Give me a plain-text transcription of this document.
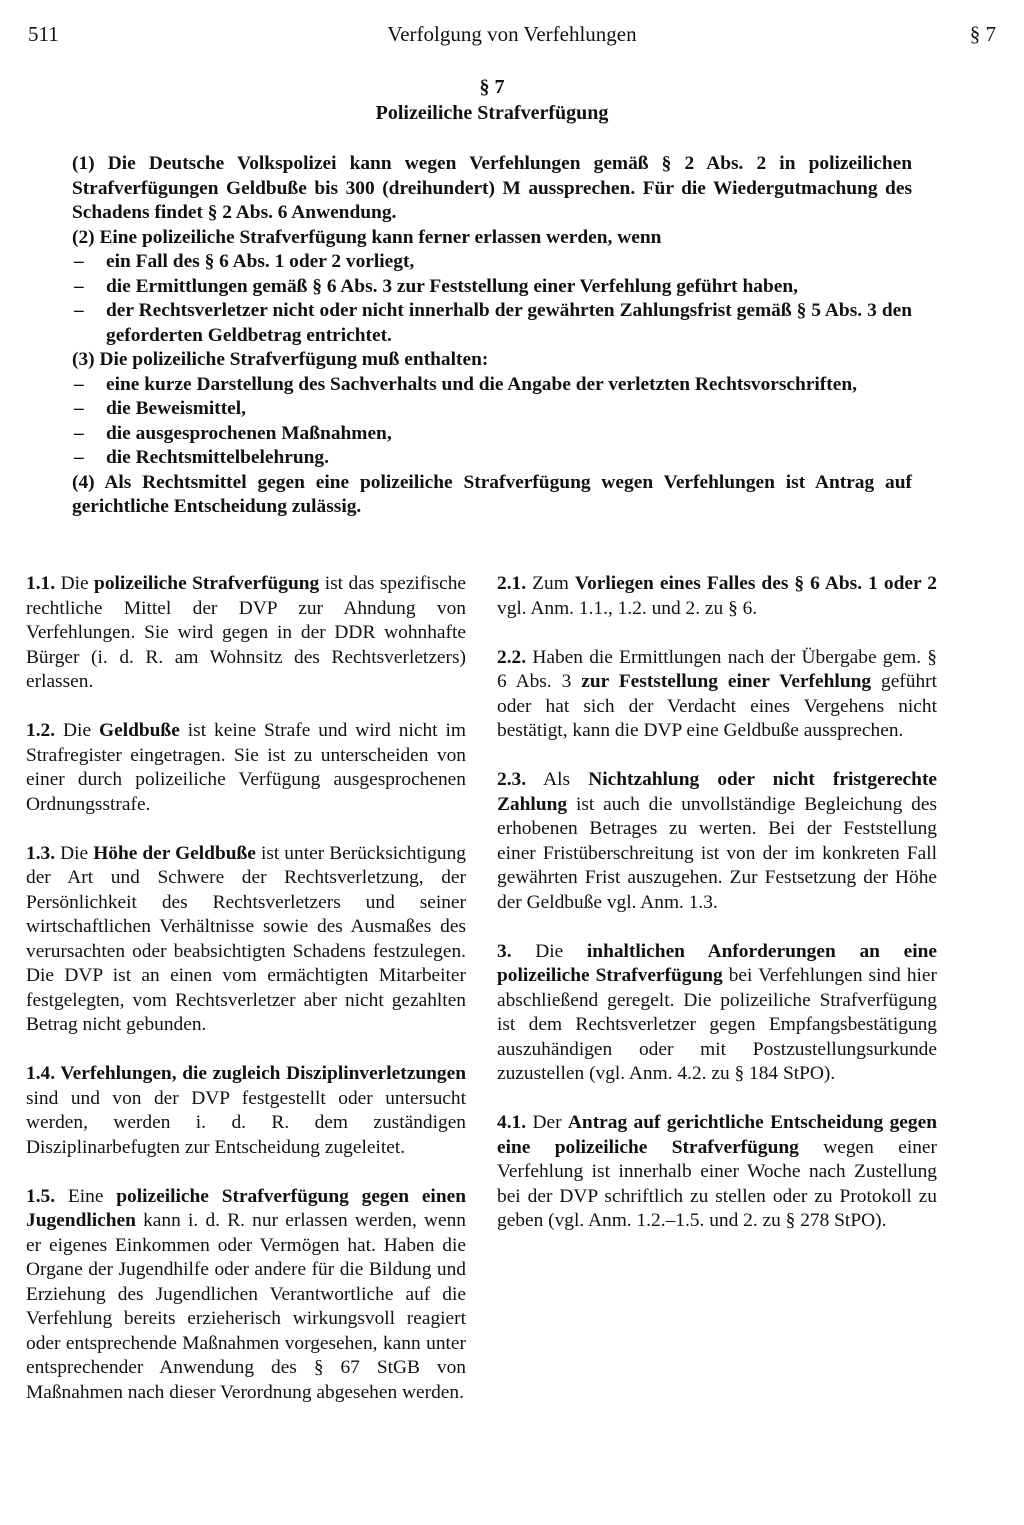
511	Verfolgung von Verfehlungen	§ 7
§ 7
Polizeiliche Strafverfügung

(1) Die Deutsche Volkspolizei kann wegen Verfehlungen gemäß § 2 Abs. 2 in polizeilichen Strafverfügungen Geldbuße bis 300 (dreihundert) M aussprechen. Für die Wiedergutmachung des Schadens findet § 2 Abs. 6 Anwendung.

(2) Eine polizeiliche Strafverfügung kann ferner erlassen werden, wenn

– ein Fall des § 6 Abs. 1 oder 2 vorliegt,

– die Ermittlungen gemäß § 6 Abs. 3 zur Feststellung einer Verfehlung geführt haben,

– der Rechtsverletzer nicht oder nicht innerhalb der gewährten Zahlungsfrist gemäß § 5 Abs. 3 den geforderten Geldbetrag entrichtet.

(3) Die polizeiliche Strafverfügung muß enthalten:

– eine kurze Darstellung des Sachverhalts und die Angabe der verletzten Rechtsvorschriften,

– die Beweismittel,

– die ausgesprochenen Maßnahmen,

– die Rechtsmittelbelehrung.

(4) Als Rechtsmittel gegen eine polizeiliche Strafverfügung wegen Verfehlungen ist Antrag auf gerichtliche Entscheidung zulässig.

1.1. Die polizeiliche Strafverfügung ist das spezifische rechtliche Mittel der DVP zur Ahndung von Verfehlungen. Sie wird gegen in der DDR wohnhafte Bürger (i. d. R. am Wohnsitz des Rechtsverletzers) erlassen.

1.2. Die Geldbuße ist keine Strafe und wird nicht im Strafregister eingetragen. Sie ist zu unterscheiden von einer durch polizeiliche Verfügung ausgesprochenen Ordnungsstrafe.

1.3. Die Höhe der Geldbuße ist unter Berücksichtigung der Art und Schwere der Rechtsverletzung, der Persönlichkeit des Rechtsverletzers und seiner wirtschaftlichen Verhältnisse sowie des Ausmaßes des verursachten oder beabsichtigten Schadens festzulegen. Die DVP ist an einen vom ermächtigten Mitarbeiter festgelegten, vom Rechtsverletzer aber nicht gezahlten Betrag nicht gebunden.

1.4. Verfehlungen, die zugleich Disziplinverletzungen sind und von der DVP festgestellt oder untersucht werden, werden i. d. R. dem zuständigen Disziplinarbefugten zur Entscheidung zugeleitet.

1.5. Eine polizeiliche Strafverfügung gegen einen Jugendlichen kann i. d. R. nur erlassen werden, wenn er eigenes Einkommen oder Vermögen hat. Haben die Organe der Jugendhilfe oder andere für die Bildung und Erziehung des Jugendlichen Verantwortliche auf die Verfehlung bereits erzieherisch wirkungsvoll reagiert oder entsprechende Maßnahmen vorgesehen, kann unter entsprechender Anwendung des § 67 StGB von Maßnahmen nach dieser Verordnung abgesehen werden.

2.1. Zum Vorliegen eines Falles des § 6 Abs. 1 oder 2 vgl. Anm. 1.1., 1.2. und 2. zu § 6.

2.2. Haben die Ermittlungen nach der Übergabe gem. § 6 Abs. 3 zur Feststellung einer Verfehlung geführt oder hat sich der Verdacht eines Vergehens nicht bestätigt, kann die DVP eine Geldbuße aussprechen.

2.3. Als Nichtzahlung oder nicht fristgerechte Zahlung ist auch die unvollständige Begleichung des erhobenen Betrages zu werten. Bei der Feststellung einer Fristüberschreitung ist von der im konkreten Fall gewährten Frist auszugehen. Zur Festsetzung der Höhe der Geldbuße vgl. Anm. 1.3.

3. Die inhaltlichen Anforderungen an eine polizeiliche Strafverfügung bei Verfehlungen sind hier abschließend geregelt. Die polizeiliche Strafverfügung ist dem Rechtsverletzer gegen Empfangsbestätigung auszuhändigen oder mit Postzustellungsurkunde zuzustellen (vgl. Anm. 4.2. zu § 184 StPO).

4.1. Der Antrag auf gerichtliche Entscheidung gegen eine polizeiliche Strafverfügung wegen einer Verfehlung ist innerhalb einer Woche nach Zustellung bei der DVP schriftlich zu stellen oder zu Protokoll zu geben (vgl. Anm. 1.2.–1.5. und 2. zu § 278 StPO).
